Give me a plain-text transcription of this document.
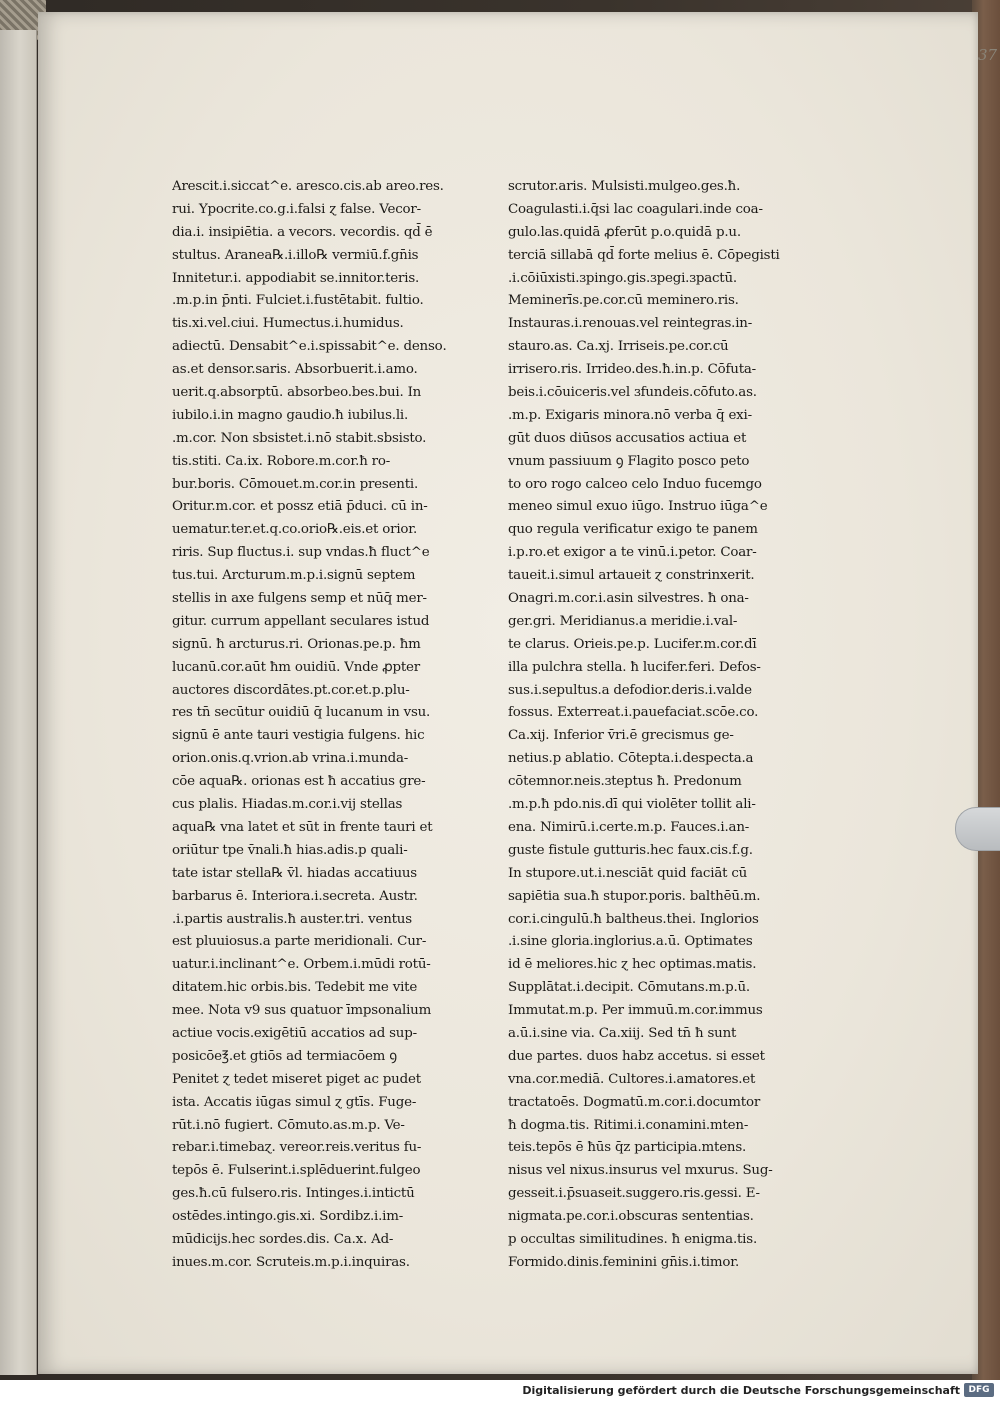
37
Arescit.i.siccat^e. aresco.cis.ab areo.res.
rui. Ypocrite.co.g.i.falsi ɀ false. Vecor-
dia.i. insipiētia. a vecors. vecordis. qd̄ ē
stultus. Aranea℞.i.illo℞ vermiū.f.gn̄is
Innitetur.i. appodiabit se.innitor.teris.
.m.p.in p̄nti. Fulciet.i.fustētabit. fultio.
tis.xi.vel.ciui. Humectus.i.humidus.
adiectū. Densabit^e.i.spissabit^e. densо.
as.et densor.saris. Absorbuerit.i.amo.
uerit.q.absorptū. absorbeo.bes.bui. In
iubilo.i.in magno gaudio.ħ iubilus.li.
.m.cor. Non sbsistet.i.nō stabit.sbsisto.
tis.stiti. Ca.ix. Robore.m.cor.ħ ro-
bur.boris. Cōmouet.m.cor.in presenti.
Oritur.m.cor. et possz etiā p̄duci. cū in-
uematur.ter.et.q.co.orio℞.eis.et orior.
riris. Sup fluctus.i. sup vndas.ħ fluct^e
tus.tui. Arcturum.m.p.i.signū septem
stellis in axe fulgens semp et nūq̄ mer-
gitur. currum appellant seculares istud
signū. ħ arcturus.ri. Orionas.pe.p. ħm
lucanū.cor.aūt ħm ouidiū. Vnde ꝓpter
auctores discordātes.pt.cor.et.p.plu-
res tn̄ secūtur ouidiū q̄ lucanum in vsu.
signū ē ante tauri vestigia fulgens. hic
orion.onis.q.vrion.ab vrina.i.munda-
cōe aqua℞. orionas est ħ accatius gre-
cus plalis. Hiadas.m.cor.i.vij stellas
aqua℞ vna latet et sūt in frente tauri et
oriūtur tpe v̄nali.ħ hias.adis.p quali-
tate istar stella℞ v̄l. hiadas accatiuus
barbarus ē. Interiora.i.secreta. Austr.
.i.partis australis.ħ auster.tri. ventus
est pluuiosus.a parte meridionali. Cur-
uatur.i.inclinant^e. Orbem.i.mūdi rotū-
ditatem.hic orbis.bis. Tedebit me vite
mee. Nota v9 sus quatuor īmpsonalium
actiue vocis.exigētiū accatios ad sup-
posicōe℥.et gtiōs ad termiacōem ꝯ
Penitet ɀ tedet miseret piget ac pudet
ista. Accatis iūgas simul ɀ gtīs. Fuge-
rūt.i.nō fugiert. Cōmuto.as.m.p. Ve-
rebar.i.timebaɀ. vereor.reis.veritus fu-
tepōs ē. Fulserint.i.splēduerint.fulgeo
ges.ħ.cū fulsero.ris. Intinges.i.intictū
ostēdes.intingo.gis.xi. Sordibz.i.im-
mūdicijs.hec sordes.dis. Ca.x. Ad-
inues.m.cor. Scruteis.m.p.i.inquiras.
scrutor.aris. Mulsisti.mulgeo.ges.ħ.
Coagulasti.i.q̄si lac coagulari.inde coa-
gulo.las.quidā ꝓferūt p.o.quidā p.u.
terciā sillabā qd̄ forte melius ē. Cōpegisti
.i.cōiūxisti.ɜpingo.gis.ɜpegi.ɜpactū.
Meminerīs.pe.cor.cū meminero.ris.
Instauras.i.renouas.vel reintegras.in-
stauro.as. Ca.xj. Irriseis.pe.cor.cū
irrisero.ris. Irrideo.des.ħ.in.p. Cōfuta-
beis.i.cōuiceris.vel ɜfundeis.cōfuto.as.
.m.p. Exigaris minora.nō verba q̄ exi-
gūt duos diūsos accusatios actiua et
vnum passiuum ꝯ Flagito posco peto
to oro rogo calceo celo Induo fucemgo
meneo simul exuo iūgo. Instruo iūga^e
quo regula verificatur exigo te panem
i.p.ro.et exigor a te vinū.i.petor. Coar-
taueit.i.simul artaueit ɀ constrinxerit.
Onagri.m.cor.i.asin silvestres. ħ ona-
ger.gri. Meridianus.a meridie.i.val-
te clarus. Orieis.pe.p. Lucifer.m.cor.dī
illa pulchra stella. ħ lucifer.feri. Defos-
sus.i.sepultus.a defodior.deris.i.valde
fossus. Exterreat.i.pauefaciat.scōe.co.
Ca.xij. Inferior v̄ri.ē grecismus ge-
netius.p ablatio. Cōtepta.i.despecta.a
cōtemnor.neis.ɜteptus ħ. Predonum
.m.p.ħ pdo.nis.dī qui violēter tollit ali-
ena. Nimirū.i.certe.m.p. Fauces.i.an-
guste fistule gutturis.hec faux.cis.f.g.
In stupore.ut.i.nesciāt quid faciāt cū
sapiētia sua.ħ stupor.poris. balthēū.m.
cor.i.cingulū.ħ baltheus.thei. Inglorios
.i.sine gloria.inglorius.a.ū. Optimates
id ē meliores.hic ɀ hec optimas.matis.
Supplātat.i.decipit. Cōmutans.m.p.ū.
Immutat.m.p. Per immuū.m.cor.immus
a.ū.i.sine via. Ca.xiij. Sed tn̄ ħ sunt
due partes. duos habz accetus. si esset
vna.cor.mediā. Cultores.i.amatores.et
tractatoēs. Dogmatū.m.cor.i.documtor
ħ dogma.tis. Ritimi.i.conamini.mten-
teis.tepōs ē ħūs q̄z participia.mtens.
nisus vel nixus.insurus vel mxurus. Sug-
gesseit.i.p̄suaseit.suggero.ris.gessi. E-
nigmata.pe.cor.i.obscuras sententias.
p occultas similitudines. ħ enigma.tis.
Formido.dinis.feminini gn̄is.i.timor.
Digitalisierung gefördert durch die Deutsche Forschungsgemeinschaft DFG
